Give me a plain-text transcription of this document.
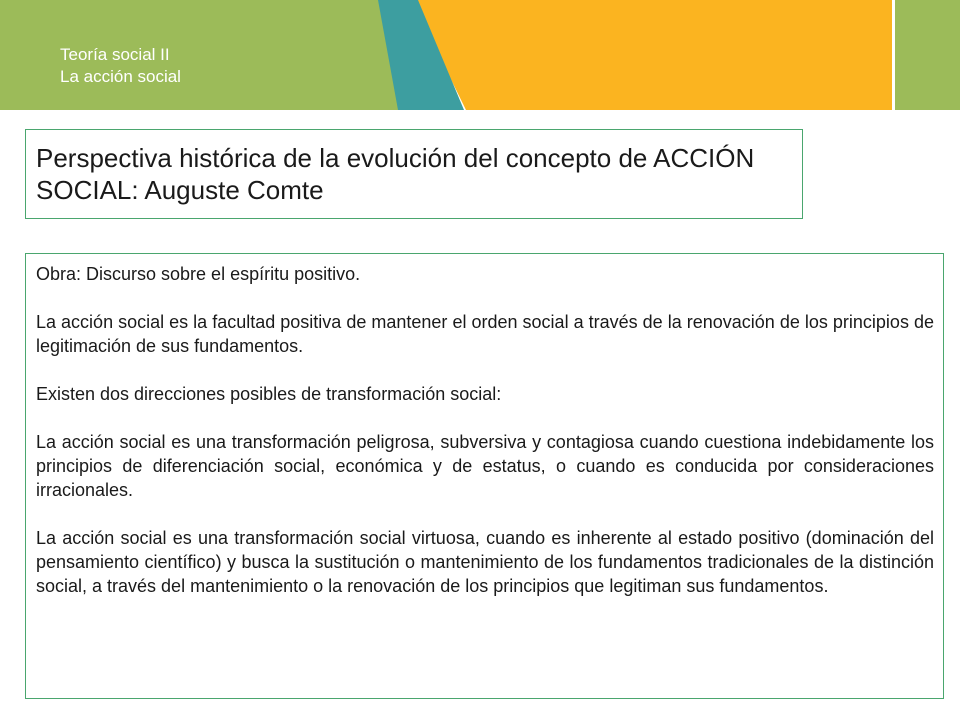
Teoría social II
La acción social
Perspectiva histórica de la evolución del concepto de ACCIÓN SOCIAL: Auguste Comte

Obra: Discurso sobre el espíritu positivo.

La acción social es la facultad positiva de mantener el orden social a través de la renovación de los principios de legitimación de sus fundamentos.

Existen dos direcciones posibles de transformación social:

La acción social es una transformación peligrosa, subversiva y contagiosa cuando cuestiona indebidamente los principios de diferenciación social, económica y de estatus, o cuando es conducida por consideraciones irracionales.

La acción social es una transformación social virtuosa, cuando es inherente al estado positivo (dominación del pensamiento científico) y busca la sustitución o mantenimiento de los fundamentos tradicionales de la distinción social, a través del mantenimiento o la renovación de los principios que legitiman sus fundamentos.
